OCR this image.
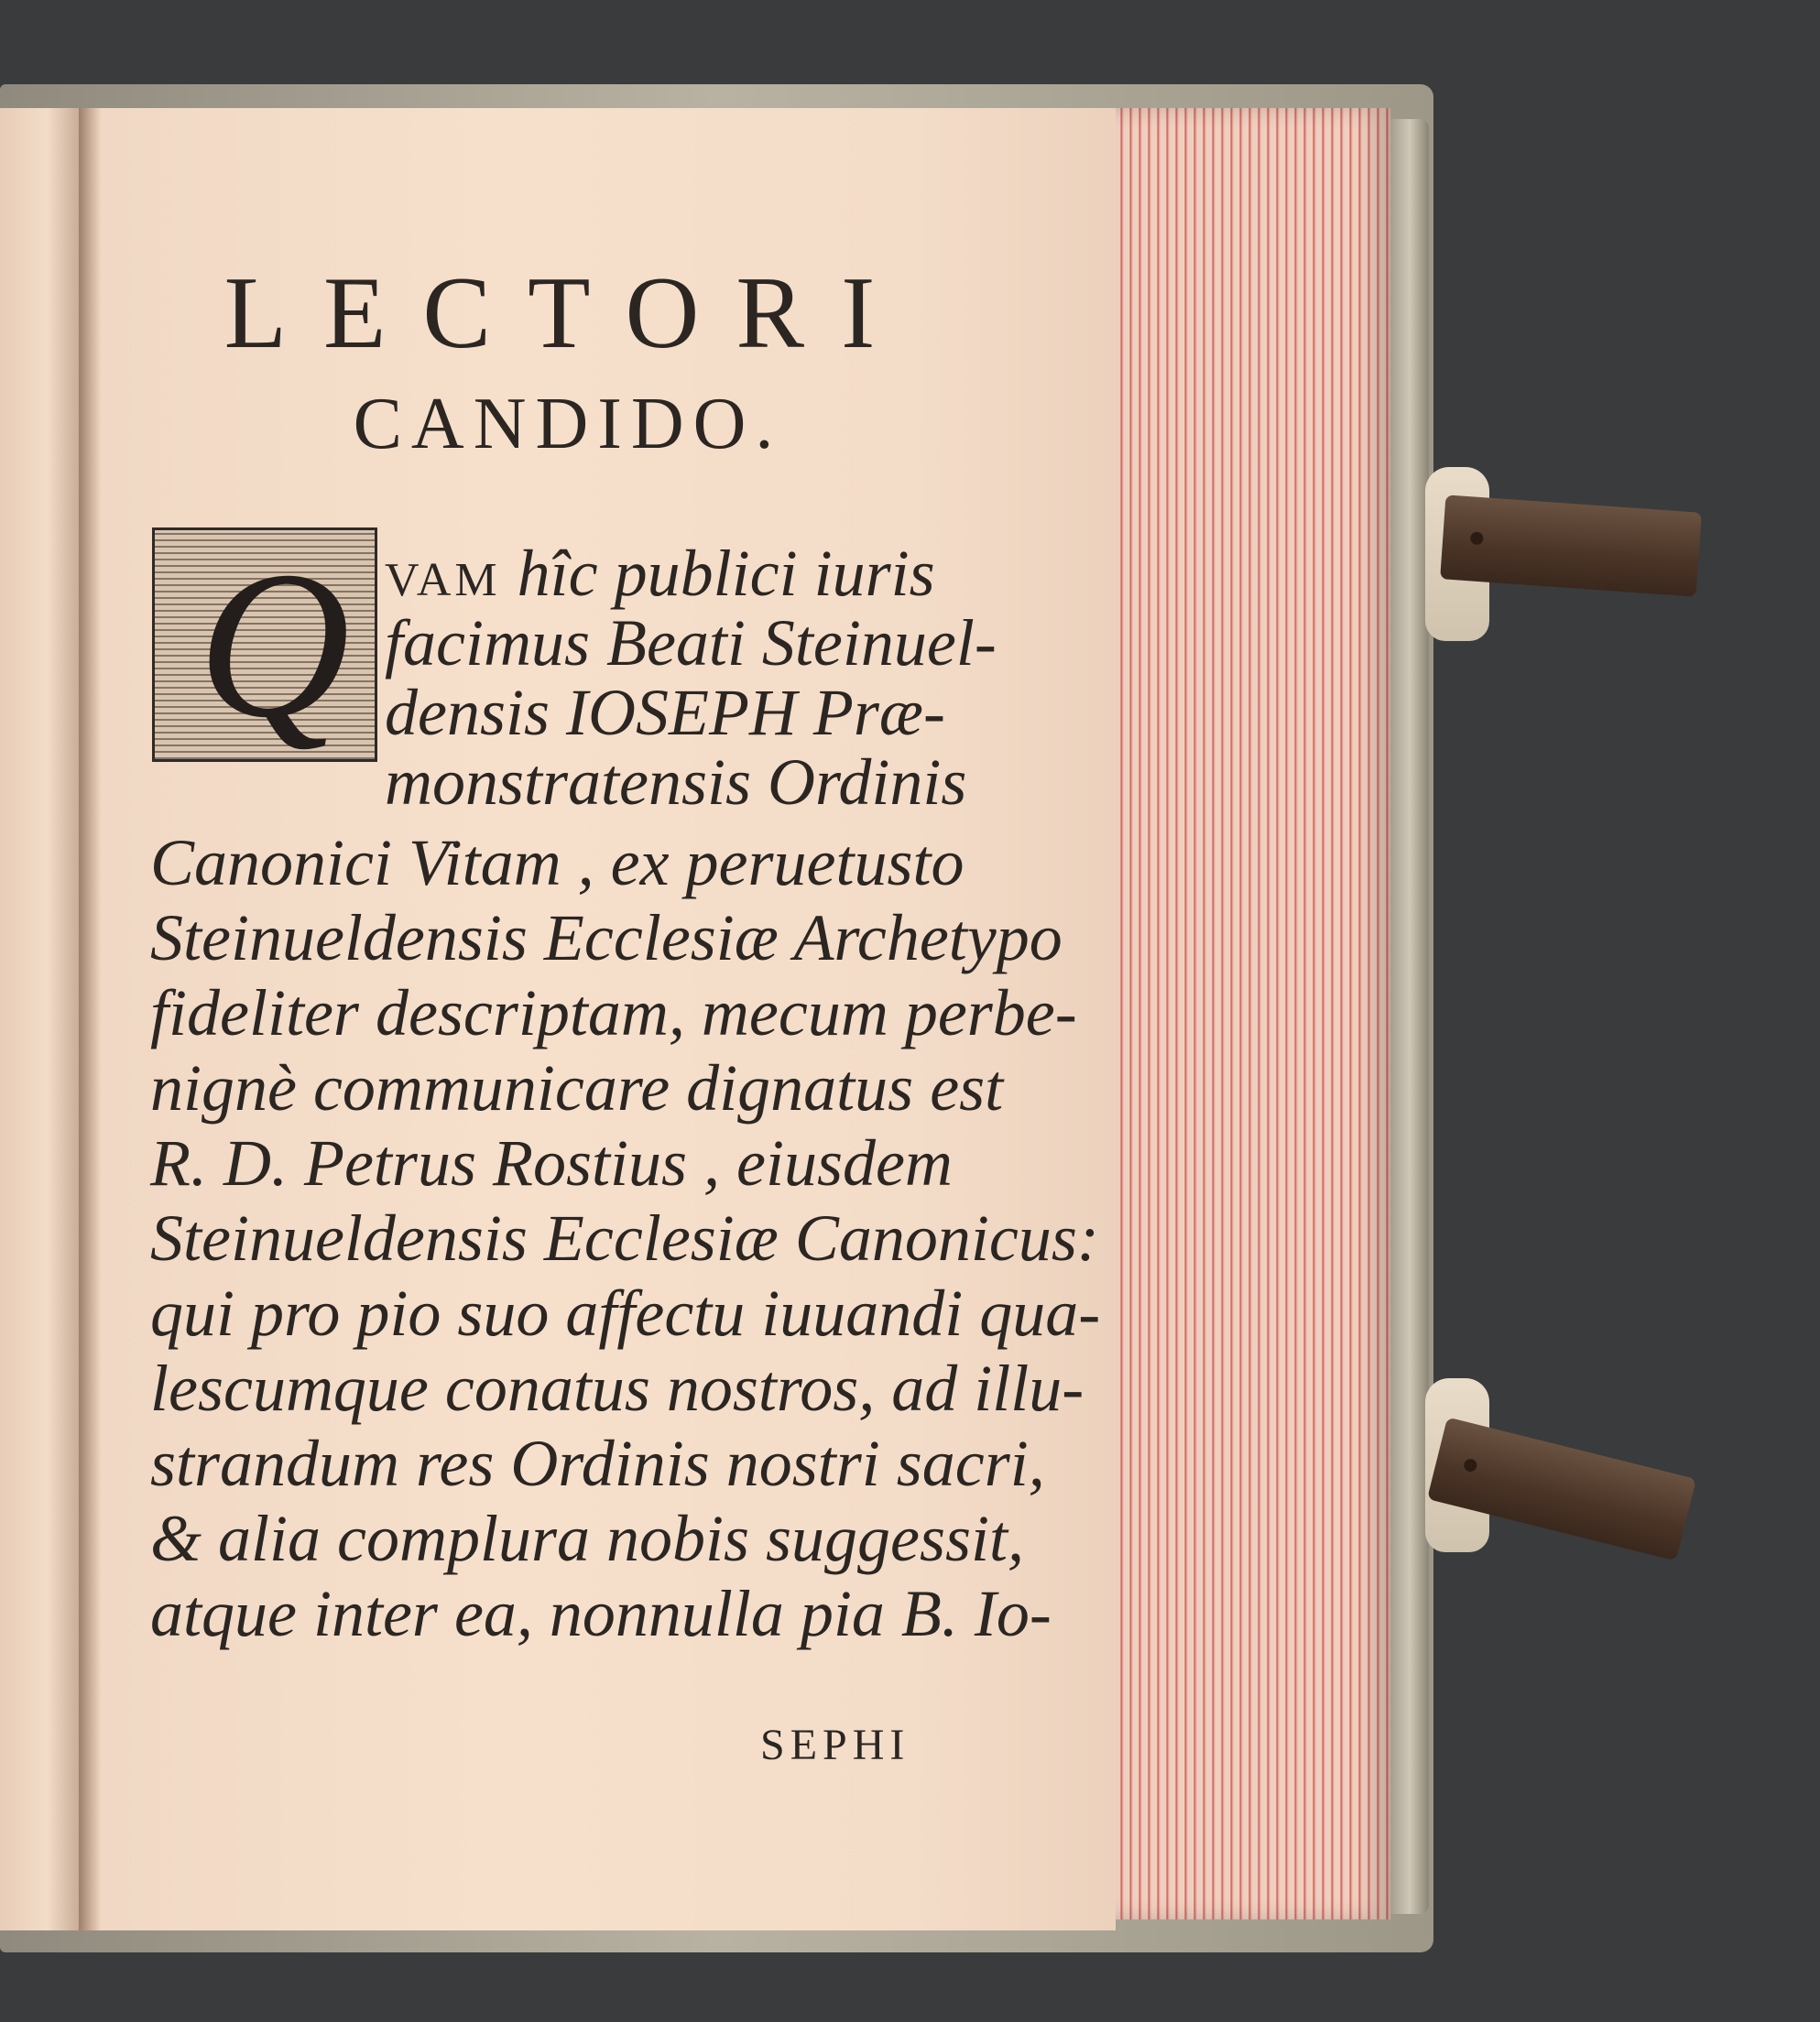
LECTORI
CANDIDO.
Q VAM hîc publici iuris
facimus Beati Steinuel-
densis IOSEPH Præ-
monstratensis Ordinis
Canonici Vitam , ex peruetusto
Steinueldensis Ecclesiæ Archetypo
fideliter descriptam, mecum perbe-
nignè communicare dignatus est
R. D. Petrus Rostius , eiusdem
Steinueldensis Ecclesiæ Canonicus:
qui pro pio suo affectu iuuandi qua-
lescumque conatus nostros, ad illu-
strandum res Ordinis nostri sacri,
& alia complura nobis suggessit,
atque inter ea, nonnulla pia B. Io-
SEPHI
